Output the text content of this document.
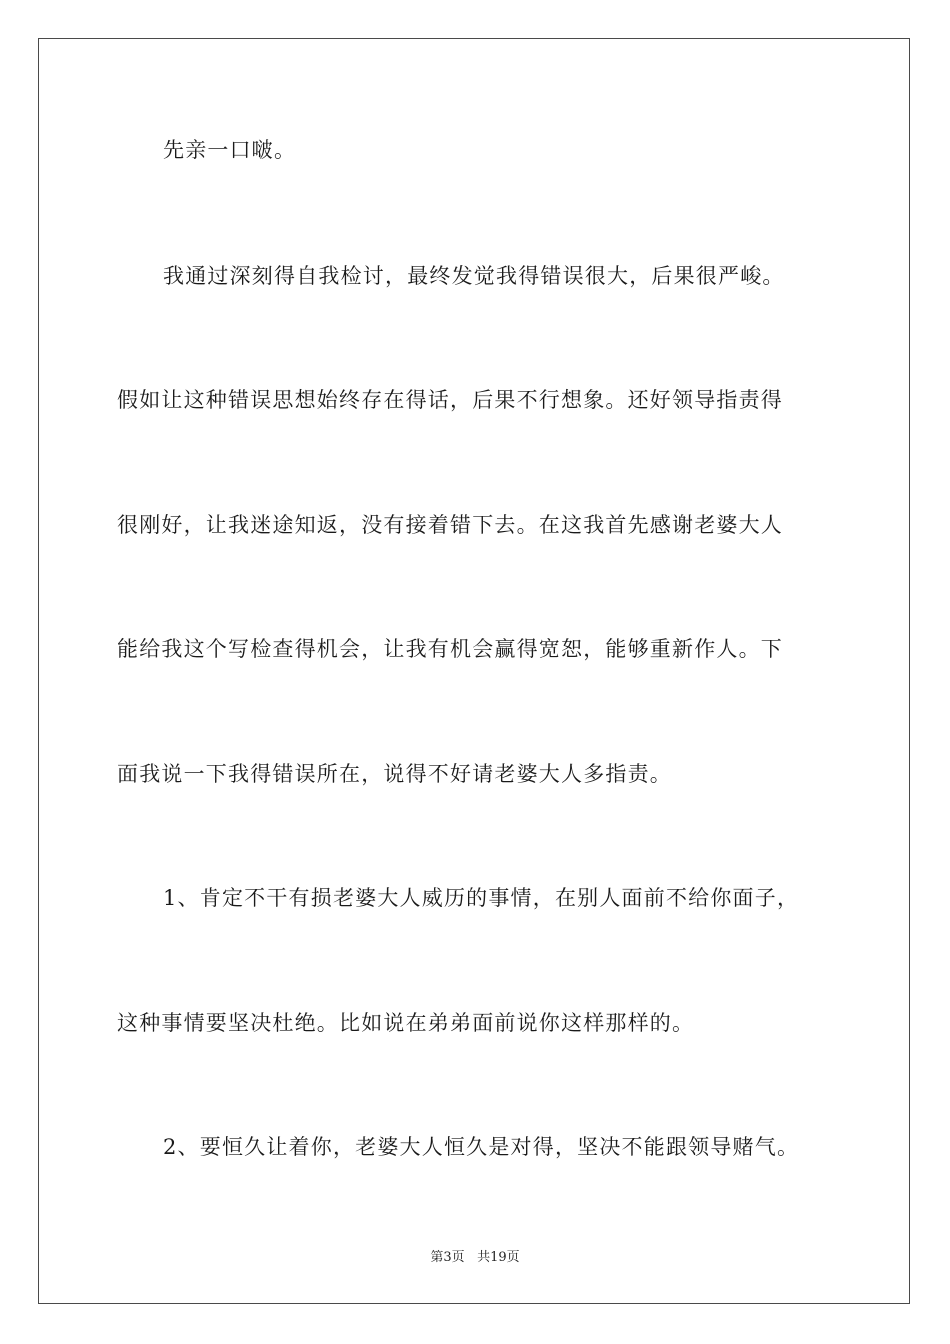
先亲一口啵。
我通过深刻得自我检讨，最终发觉我得错误很大，后果很严峻。
假如让这种错误思想始终存在得话，后果不行想象。还好领导指责得
很刚好，让我迷途知返，没有接着错下去。在这我首先感谢老婆大人
能给我这个写检查得机会，让我有机会赢得宽恕，能够重新作人。下
面我说一下我得错误所在，说得不好请老婆大人多指责。
1、肯定不干有损老婆大人威历的事情，在别人面前不给你面子，
这种事情要坚决杜绝。比如说在弟弟面前说你这样那样的。
2、要恒久让着你，老婆大人恒久是对得，坚决不能跟领导赌气。
第3页 共19页
